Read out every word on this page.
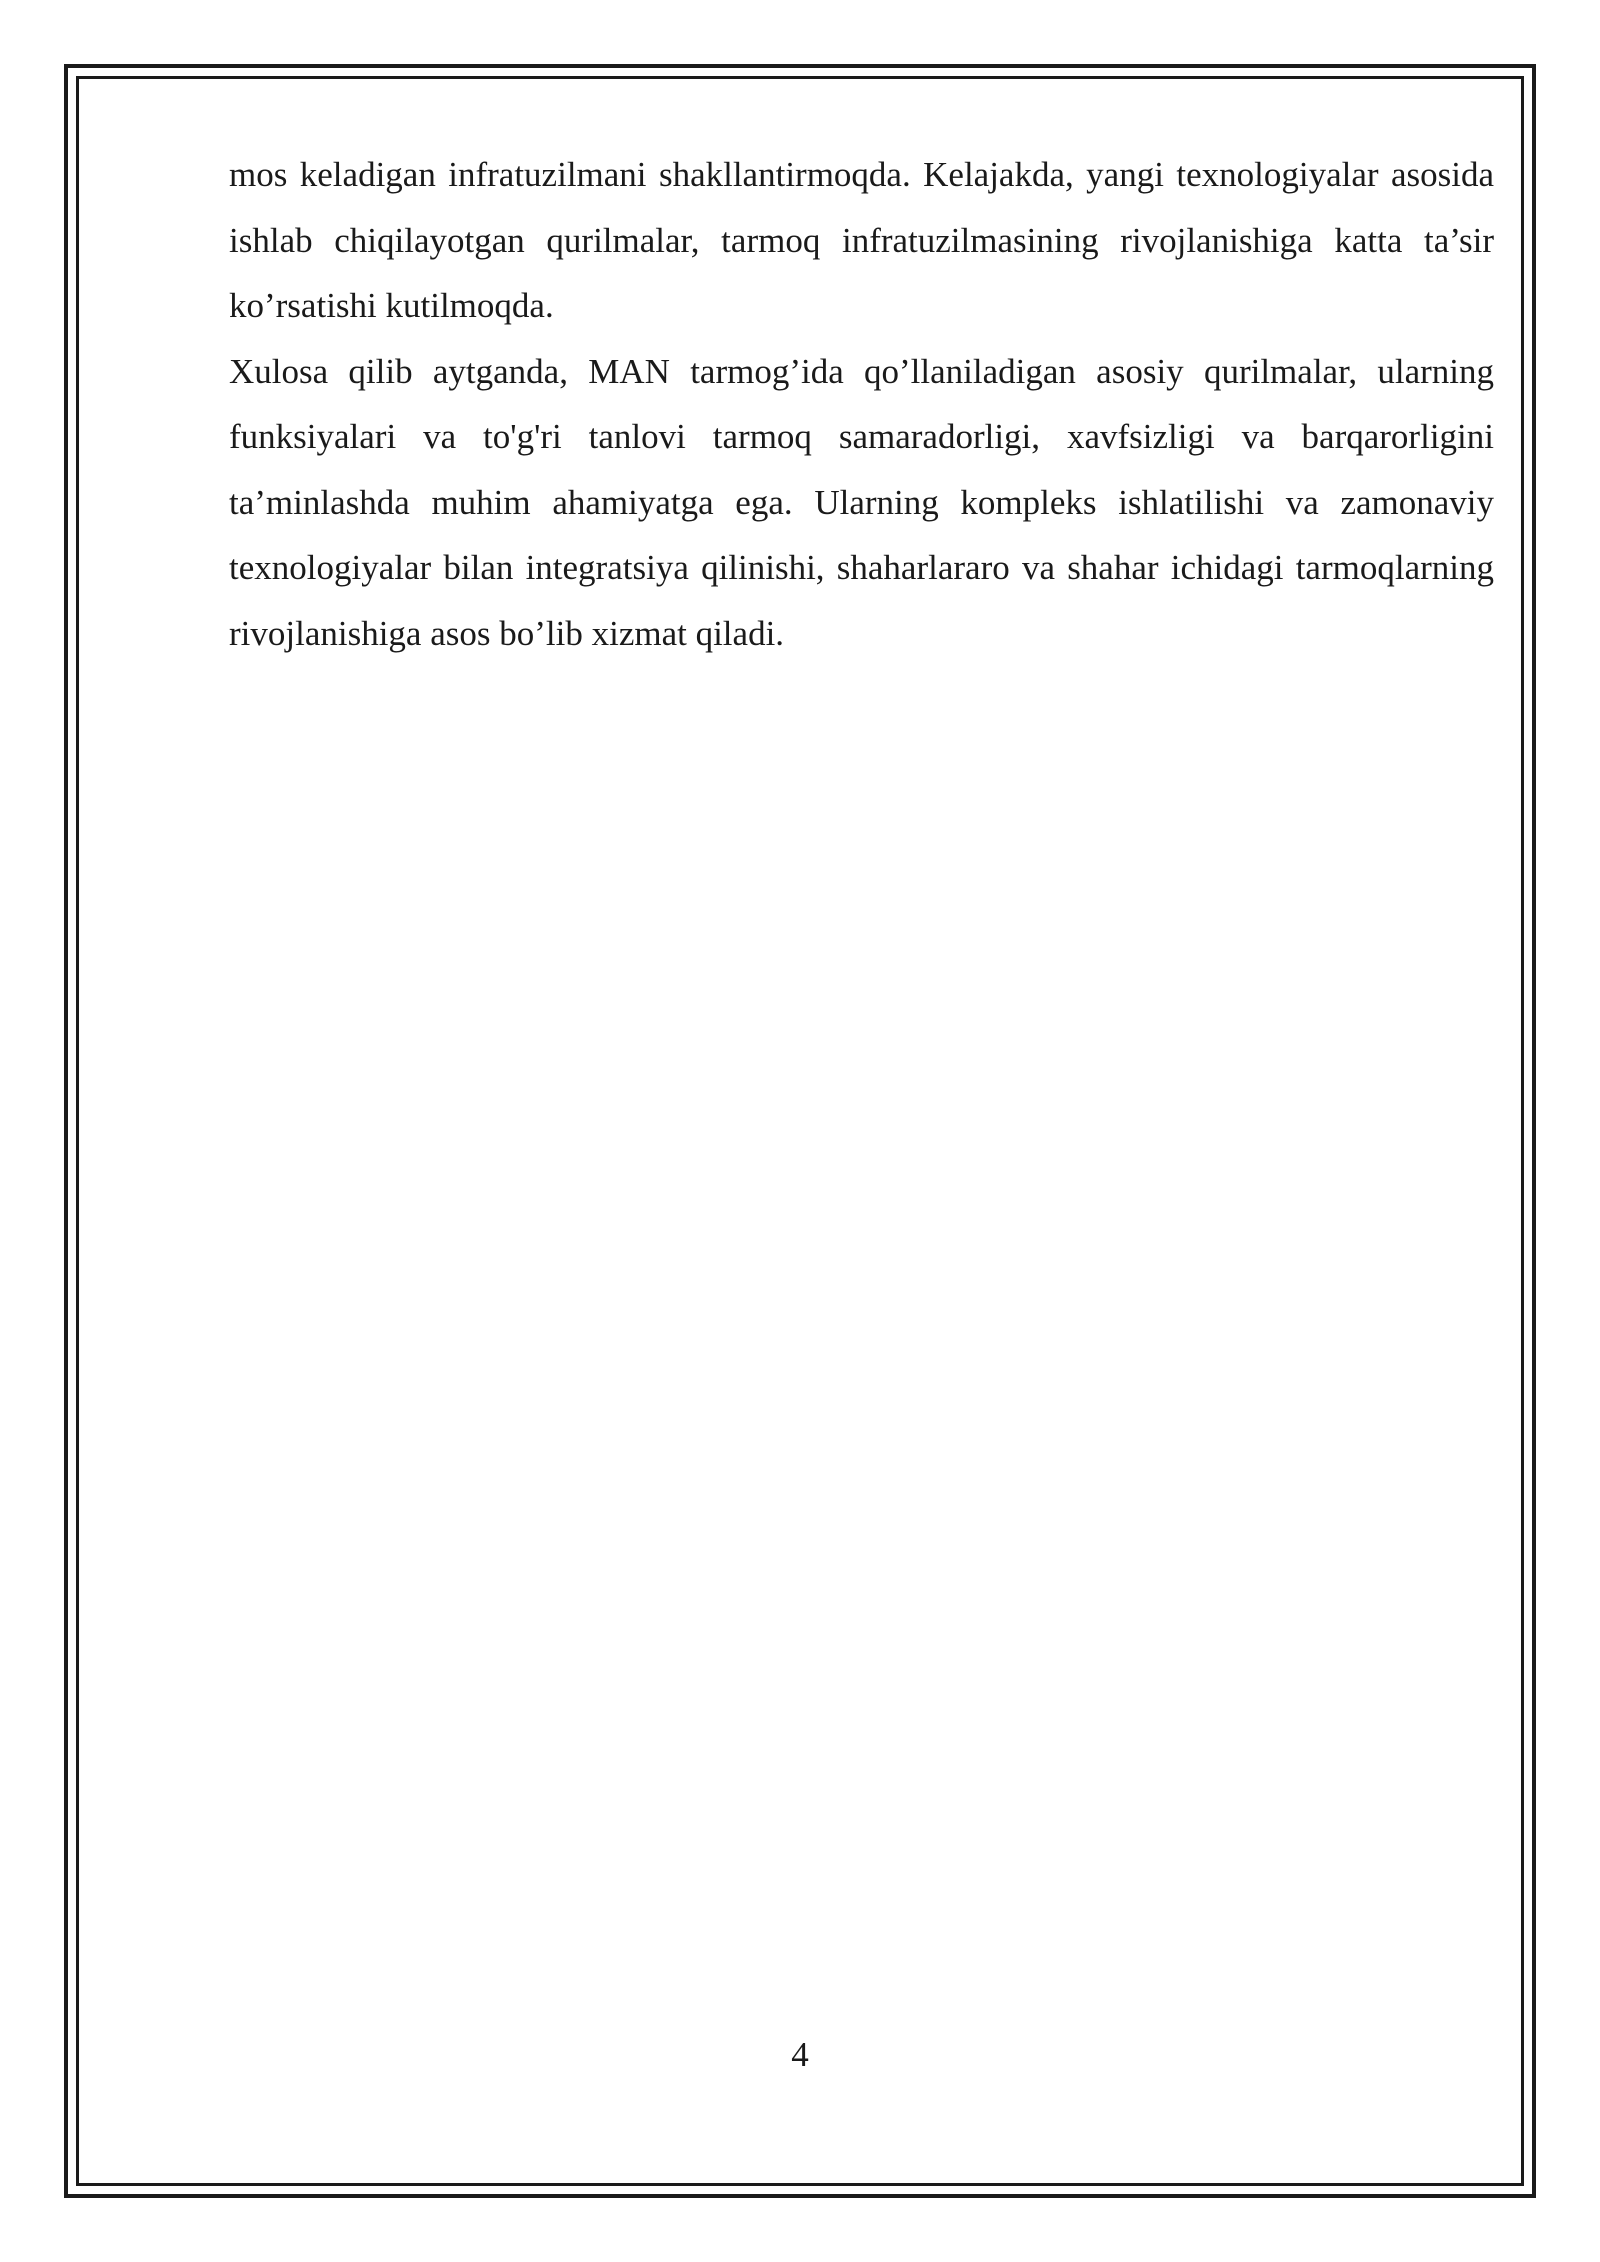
mos keladigan infratuzilmani shakllantirmoqda. Kelajakda, yangi texnologiyalar asosida ishlab chiqilayotgan qurilmalar, tarmoq infratuzilmasining rivojlanishiga katta ta’sir ko’rsatishi kutilmoqda.

Xulosa qilib aytganda, MAN tarmog’ida qo’llaniladigan asosiy qurilmalar, ularning funksiyalari va to'g'ri tanlovi tarmoq samaradorligi, xavfsizligi va barqarorligini ta’minlashda muhim ahamiyatga ega. Ularning kompleks ishlatilishi va zamonaviy texnologiyalar bilan integratsiya qilinishi, shaharlararo va shahar ichidagi tarmoqlarning rivojlanishiga asos bo’lib xizmat qiladi.

4
